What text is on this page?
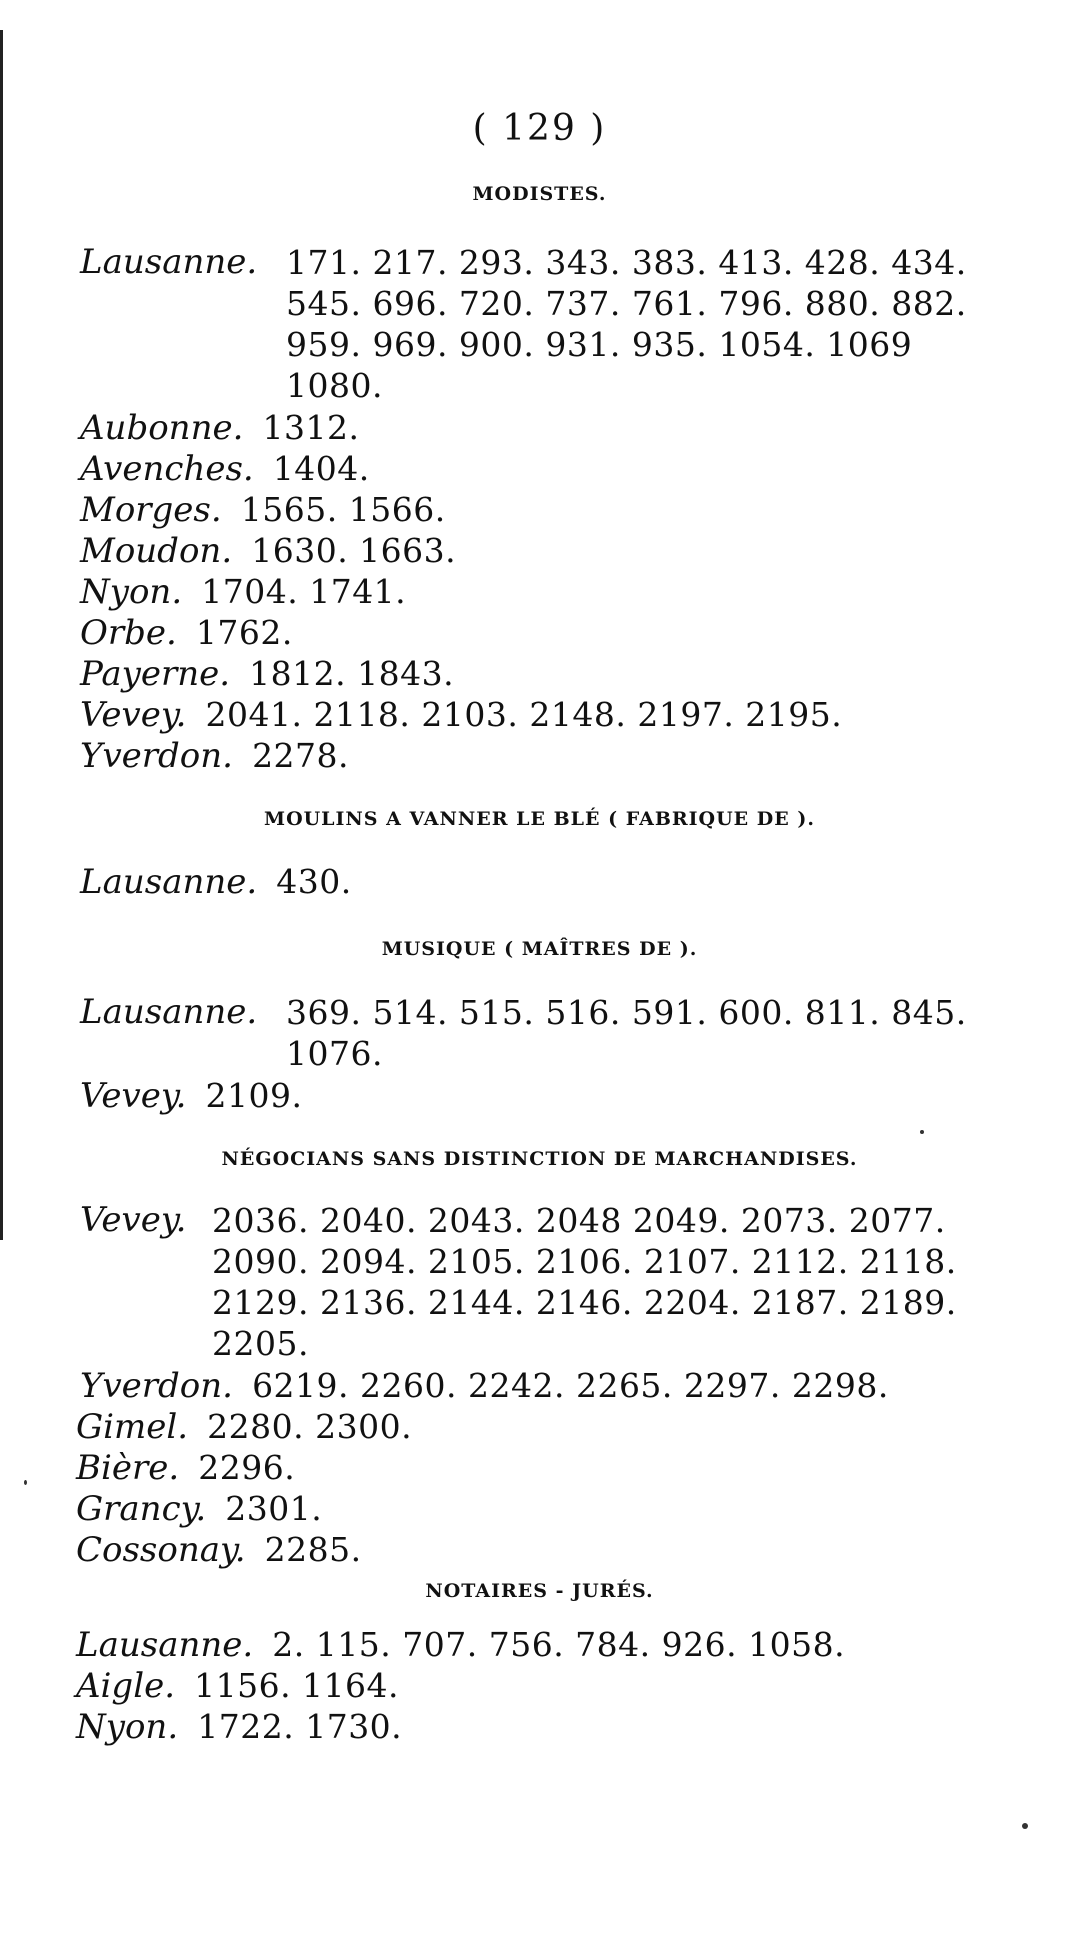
( 129 )
MODISTES.
Lausanne. 171. 217. 293. 343. 383. 413. 428. 434.
545. 696. 720. 737. 761. 796. 880. 882.
959. 969. 900. 931. 935. 1054. 1069
1080.
Aubonne. 1312.
Avenches. 1404.
Morges. 1565. 1566.
Moudon. 1630. 1663.
Nyon. 1704. 1741.
Orbe. 1762.
Payerne. 1812. 1843.
Vevey. 2041. 2118. 2103. 2148. 2197. 2195.
Yverdon. 2278.
MOULINS A VANNER LE BLÉ ( FABRIQUE DE ).
Lausanne. 430.
MUSIQUE ( MAÎTRES DE ).
Lausanne. 369. 514. 515. 516. 591. 600. 811. 845.
1076.
Vevey. 2109.
NÉGOCIANS SANS DISTINCTION DE MARCHANDISES.
Vevey. 2036. 2040. 2043. 2048 2049. 2073. 2077.
2090. 2094. 2105. 2106. 2107. 2112. 2118.
2129. 2136. 2144. 2146. 2204. 2187. 2189.
2205.
Yverdon. 6219. 2260. 2242. 2265. 2297. 2298.
Gimel. 2280. 2300.
Bière. 2296.
Grancy. 2301.
Cossonay. 2285.
NOTAIRES - JURÉS.
Lausanne. 2. 115. 707. 756. 784. 926. 1058.
Aigle. 1156. 1164.
Nyon. 1722. 1730.
